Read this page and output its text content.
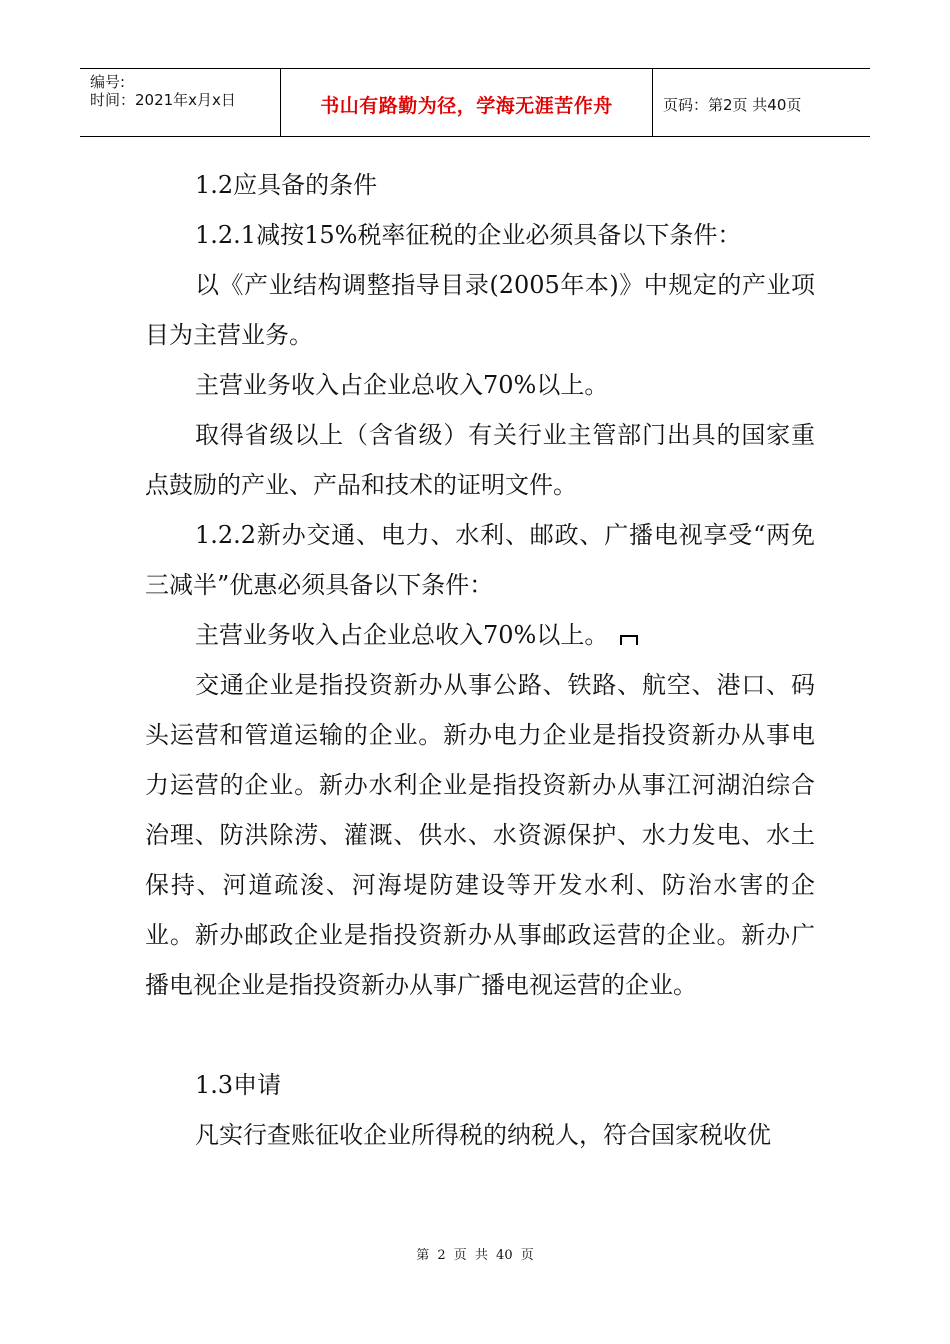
编号:
时间：2021年x月x日	书山有路勤为径，学海无涯苦作舟	页码：第2页 共40页

1.2应具备的条件

1.2.1减按15%税率征税的企业必须具备以下条件：

以《产业结构调整指导目录(2005年本)》中规定的产业项目为主营业务。

主营业务收入占企业总收入70%以上。

取得省级以上（含省级）有关行业主管部门出具的国家重点鼓励的产业、产品和技术的证明文件。

1.2.2新办交通、电力、水利、邮政、广播电视享受“两免三减半”优惠必须具备以下条件：

主营业务收入占企业总收入70%以上。

交通企业是指投资新办从事公路、铁路、航空、港口、码头运营和管道运输的企业。新办电力企业是指投资新办从事电力运营的企业。新办水利企业是指投资新办从事江河湖泊综合治理、防洪除涝、灌溉、供水、水资源保护、水力发电、水土保持、河道疏浚、河海堤防建设等开发水利、防治水害的企业。新办邮政企业是指投资新办从事邮政运营的企业。新办广播电视企业是指投资新办从事广播电视运营的企业。

1.3申请

凡实行查账征收企业所得税的纳税人，符合国家税收优

第 2 页 共 40 页
